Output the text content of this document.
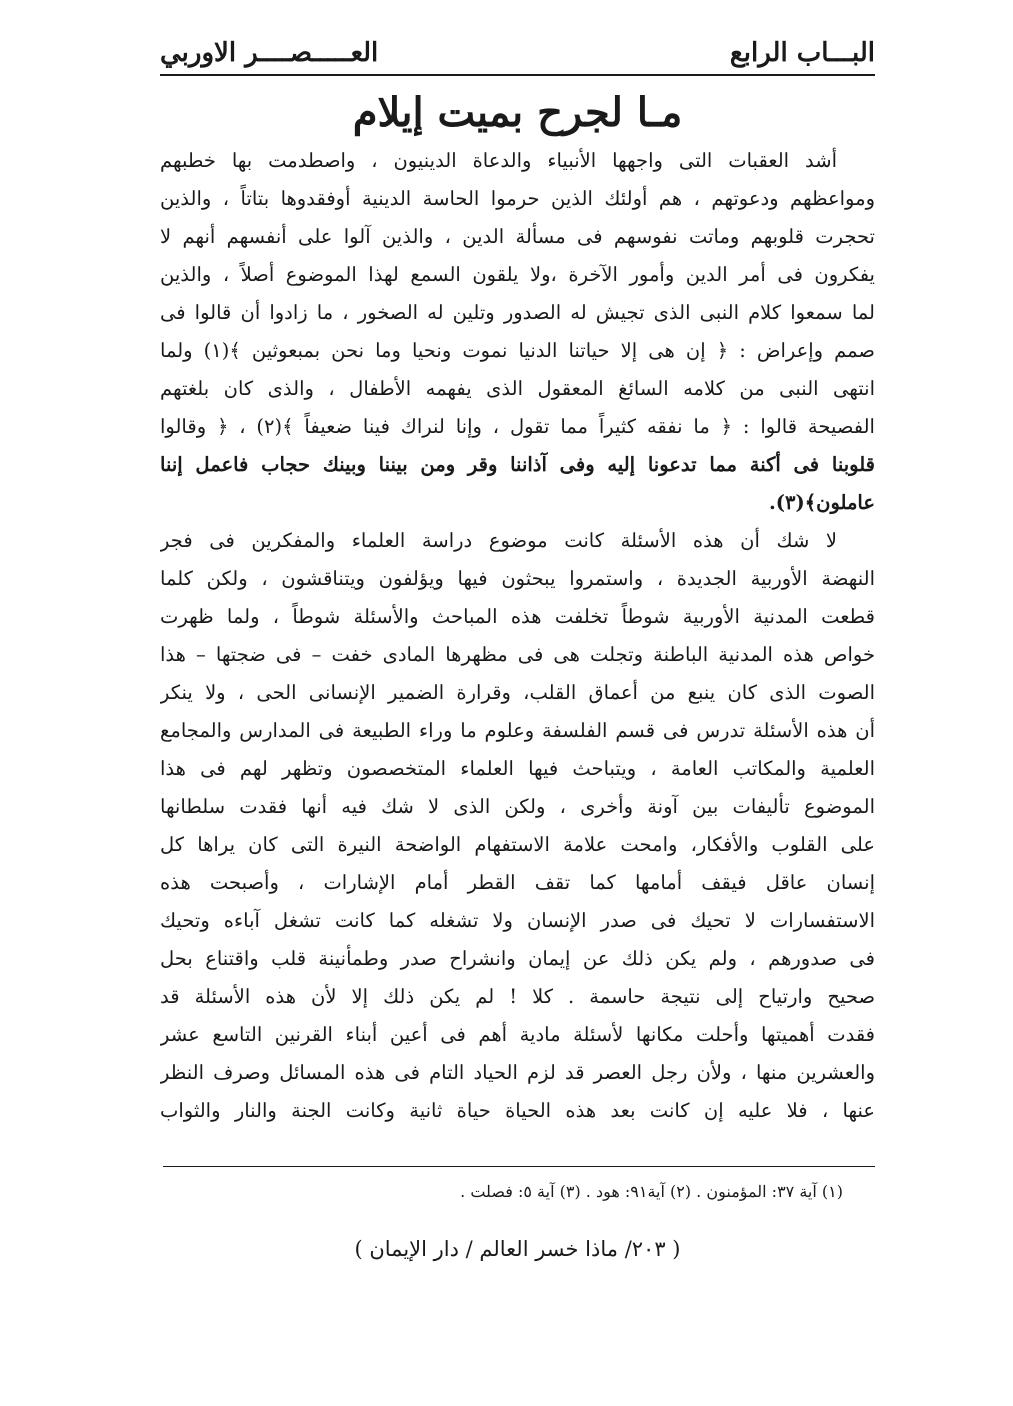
البـــاب الرابع
العـــــصــــر الاوربي
مـا لجرح بميت إيلام
أشد العقبات التى واجهها الأنبياء والدعاة الدينيون ، واصطدمت بها خطبهم
ومواعظهم ودعوتهم ، هم أولئك الذين حرموا الحاسة الدينية أوفقدوها بتاتاً ، والذين
تحجرت قلوبهم وماتت نفوسهم فى مسألة الدين ، والذين آلوا على أنفسهم أنهم لا
يفكرون فى أمر الدين وأمور الآخرة ،ولا يلقون السمع لهذا الموضوع أصلاً ، والذين
لما سمعوا كلام النبى الذى تجيش له الصدور وتلين له الصخور ، ما زادوا أن قالوا فى
صمم وإعراض : ﴿ إن هى إلا حياتنا الدنيا نموت ونحيا وما نحن بمبعوثين ﴾(١) ولما
انتهى النبى من كلامه السائغ المعقول الذى يفهمه الأطفال ، والذى كان بلغتهم
الفصيحة قالوا : ﴿ ما نفقه كثيراً مما تقول ، وإنا لنراك فينا ضعيفاً ﴾(٢) ، ﴿ وقالوا
قلوبنا فى أكنة مما تدعونا إليه وفى آذاننا وقر ومن بيننا وبينك حجاب فاعمل إننا
عاملون﴾(٣).
لا شك أن هذه الأسئلة كانت موضوع دراسة العلماء والمفكرين فى فجر
النهضة الأوربية الجديدة ، واستمروا يبحثون فيها ويؤلفون ويتناقشون ، ولكن كلما
قطعت المدنية الأوربية شوطاً تخلفت هذه المباحث والأسئلة شوطاً ، ولما ظهرت
خواص هذه المدنية الباطنة وتجلت هى فى مظهرها المادى خفت – فى ضجتها – هذا
الصوت الذى كان ينبع من أعماق القلب، وقرارة الضمير الإنسانى الحى ، ولا ينكر
أن هذه الأسئلة تدرس فى قسم الفلسفة وعلوم ما وراء الطبيعة فى المدارس والمجامع
العلمية والمكاتب العامة ، ويتباحث فيها العلماء المتخصصون وتظهر لهم فى هذا
الموضوع تأليفات بين آونة وأخرى ، ولكن الذى لا شك فيه أنها فقدت سلطانها
على القلوب والأفكار، وامحت علامة الاستفهام الواضحة النيرة التى كان يراها كل
إنسان عاقل فيقف أمامها كما تقف القطر أمام الإشارات ، وأصبحت هذه
الاستفسارات لا تحيك فى صدر الإنسان ولا تشغله كما كانت تشغل آباءه وتحيك
فى صدورهم ، ولم يكن ذلك عن إيمان وانشراح صدر وطمأنينة قلب واقتناع بحل
صحيح وارتياح إلى نتيجة حاسمة . كلا ! لم يكن ذلك إلا لأن هذه الأسئلة قد
فقدت أهميتها وأحلت مكانها لأسئلة مادية أهم فى أعين أبناء القرنين التاسع عشر
والعشرين منها ، ولأن رجل العصر قد لزم الحياد التام فى هذه المسائل وصرف النظر
عنها ، فلا عليه إن كانت بعد هذه الحياة حياة ثانية وكانت الجنة والنار والثواب
(١) آية ٣٧: المؤمنون . (٢) آية٩١: هود . (٣) آية ٥: فصلت .
( ٢٠٣/ ماذا خسر العالم / دار الإيمان )
